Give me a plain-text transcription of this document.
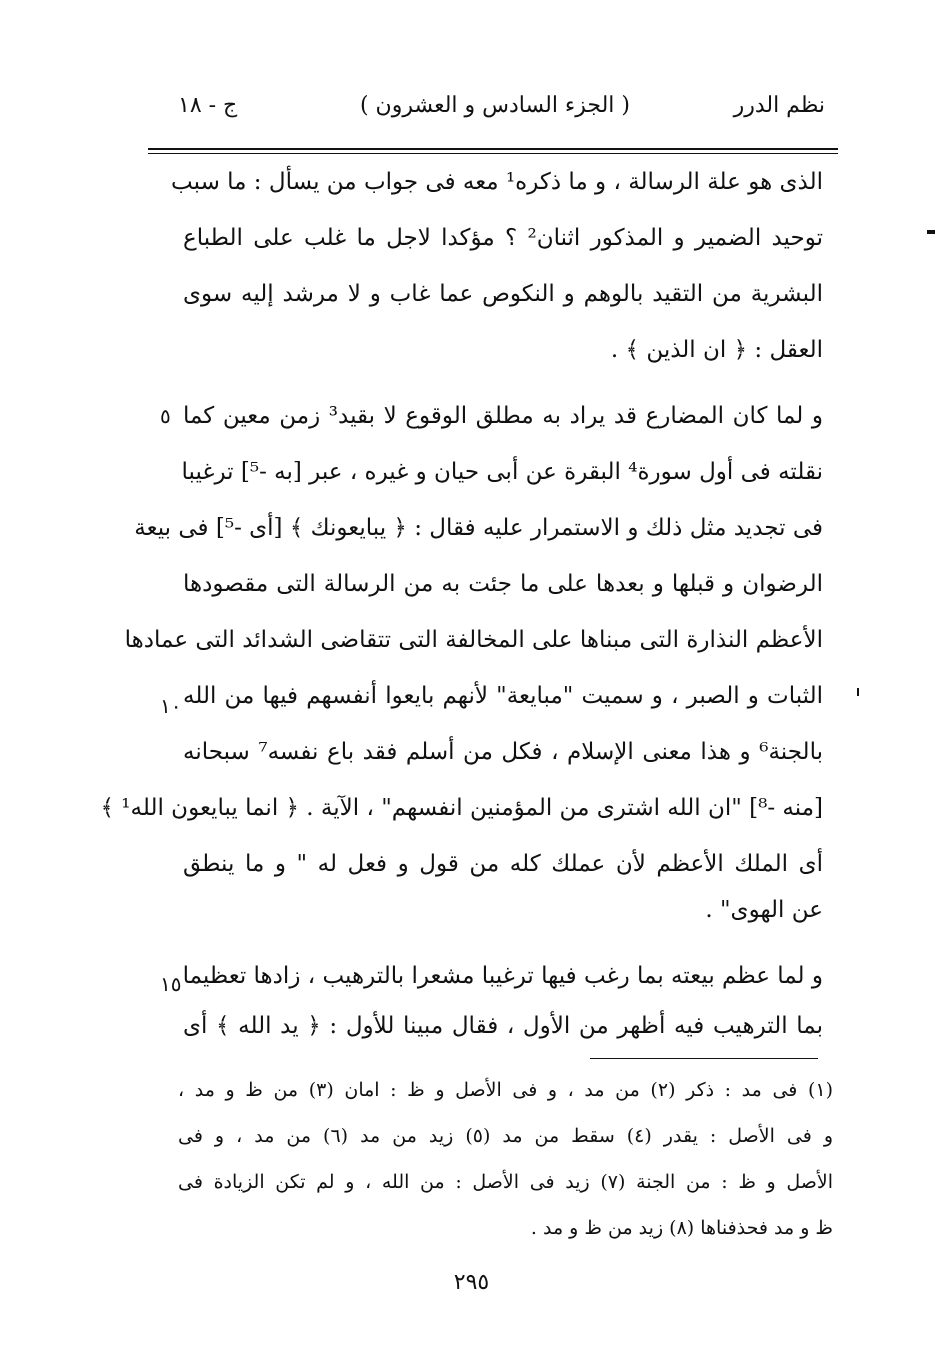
نظم الدرر
( الجزء السادس و العشرون )
ج - ١٨
الذى هو علة الرسالة ، و ما ذكره¹ معه فى جواب من يسأل : ما سبب
توحيد الضمير و المذكور اثنان² ؟ مؤكدا لاجل ما غلب على الطباع
البشرية من التقيد بالوهم و النكوص عما غاب و لا مرشد إليه سوى
العقل : ﴿ ان الذين ﴾ .
و لما كان المضارع قد يراد به مطلق الوقوع لا بقيد³ زمن معين كما
٥
نقلته فى أول سورة⁴ البقرة عن أبى حيان و غيره ، عبر [به -⁵] ترغيبا
فى تجديد مثل ذلك و الاستمرار عليه فقال : ﴿ يبايعونك ﴾ [أى -⁵] فى بيعة
الرضوان و قبلها و بعدها على ما جئت به من الرسالة التى مقصودها
الأعظم النذارة التى مبناها على المخالفة التى تتقاضى الشدائد التى عمادها
الثبات و الصبر ، و سميت "مبايعة" لأنهم بايعوا أنفسهم فيها من الله
١٠
بالجنة⁶ و هذا معنى الإسلام ، فكل من أسلم فقد باع نفسه⁷ سبحانه
[منه -⁸] "ان الله اشترى من المؤمنين انفسهم" ، الآية . ﴿ انما يبايعون الله¹ ﴾
أى الملك الأعظم لأن عملك كله من قول و فعل له " و ما ينطق
عن الهوى" .
و لما عظم بيعته بما رغب فيها ترغيبا مشعرا بالترهيب ، زادها تعظيما
١٥
بما الترهيب فيه أظهر من الأول ، فقال مبينا للأول : ﴿ يد الله ﴾ أى
(١) فى مد : ذكر (٢) من مد ، و فى الأصل و ظ : امان (٣) من ظ و مد ،
و فى الأصل : يقدر (٤) سقط من مد (٥) زيد من مد (٦) من مد ، و فى
الأصل و ظ : من الجنة (٧) زيد فى الأصل : من الله ، و لم تكن الزيادة فى
ظ و مد فحذفناها (٨) زيد من ظ و مد .
٢٩٥
